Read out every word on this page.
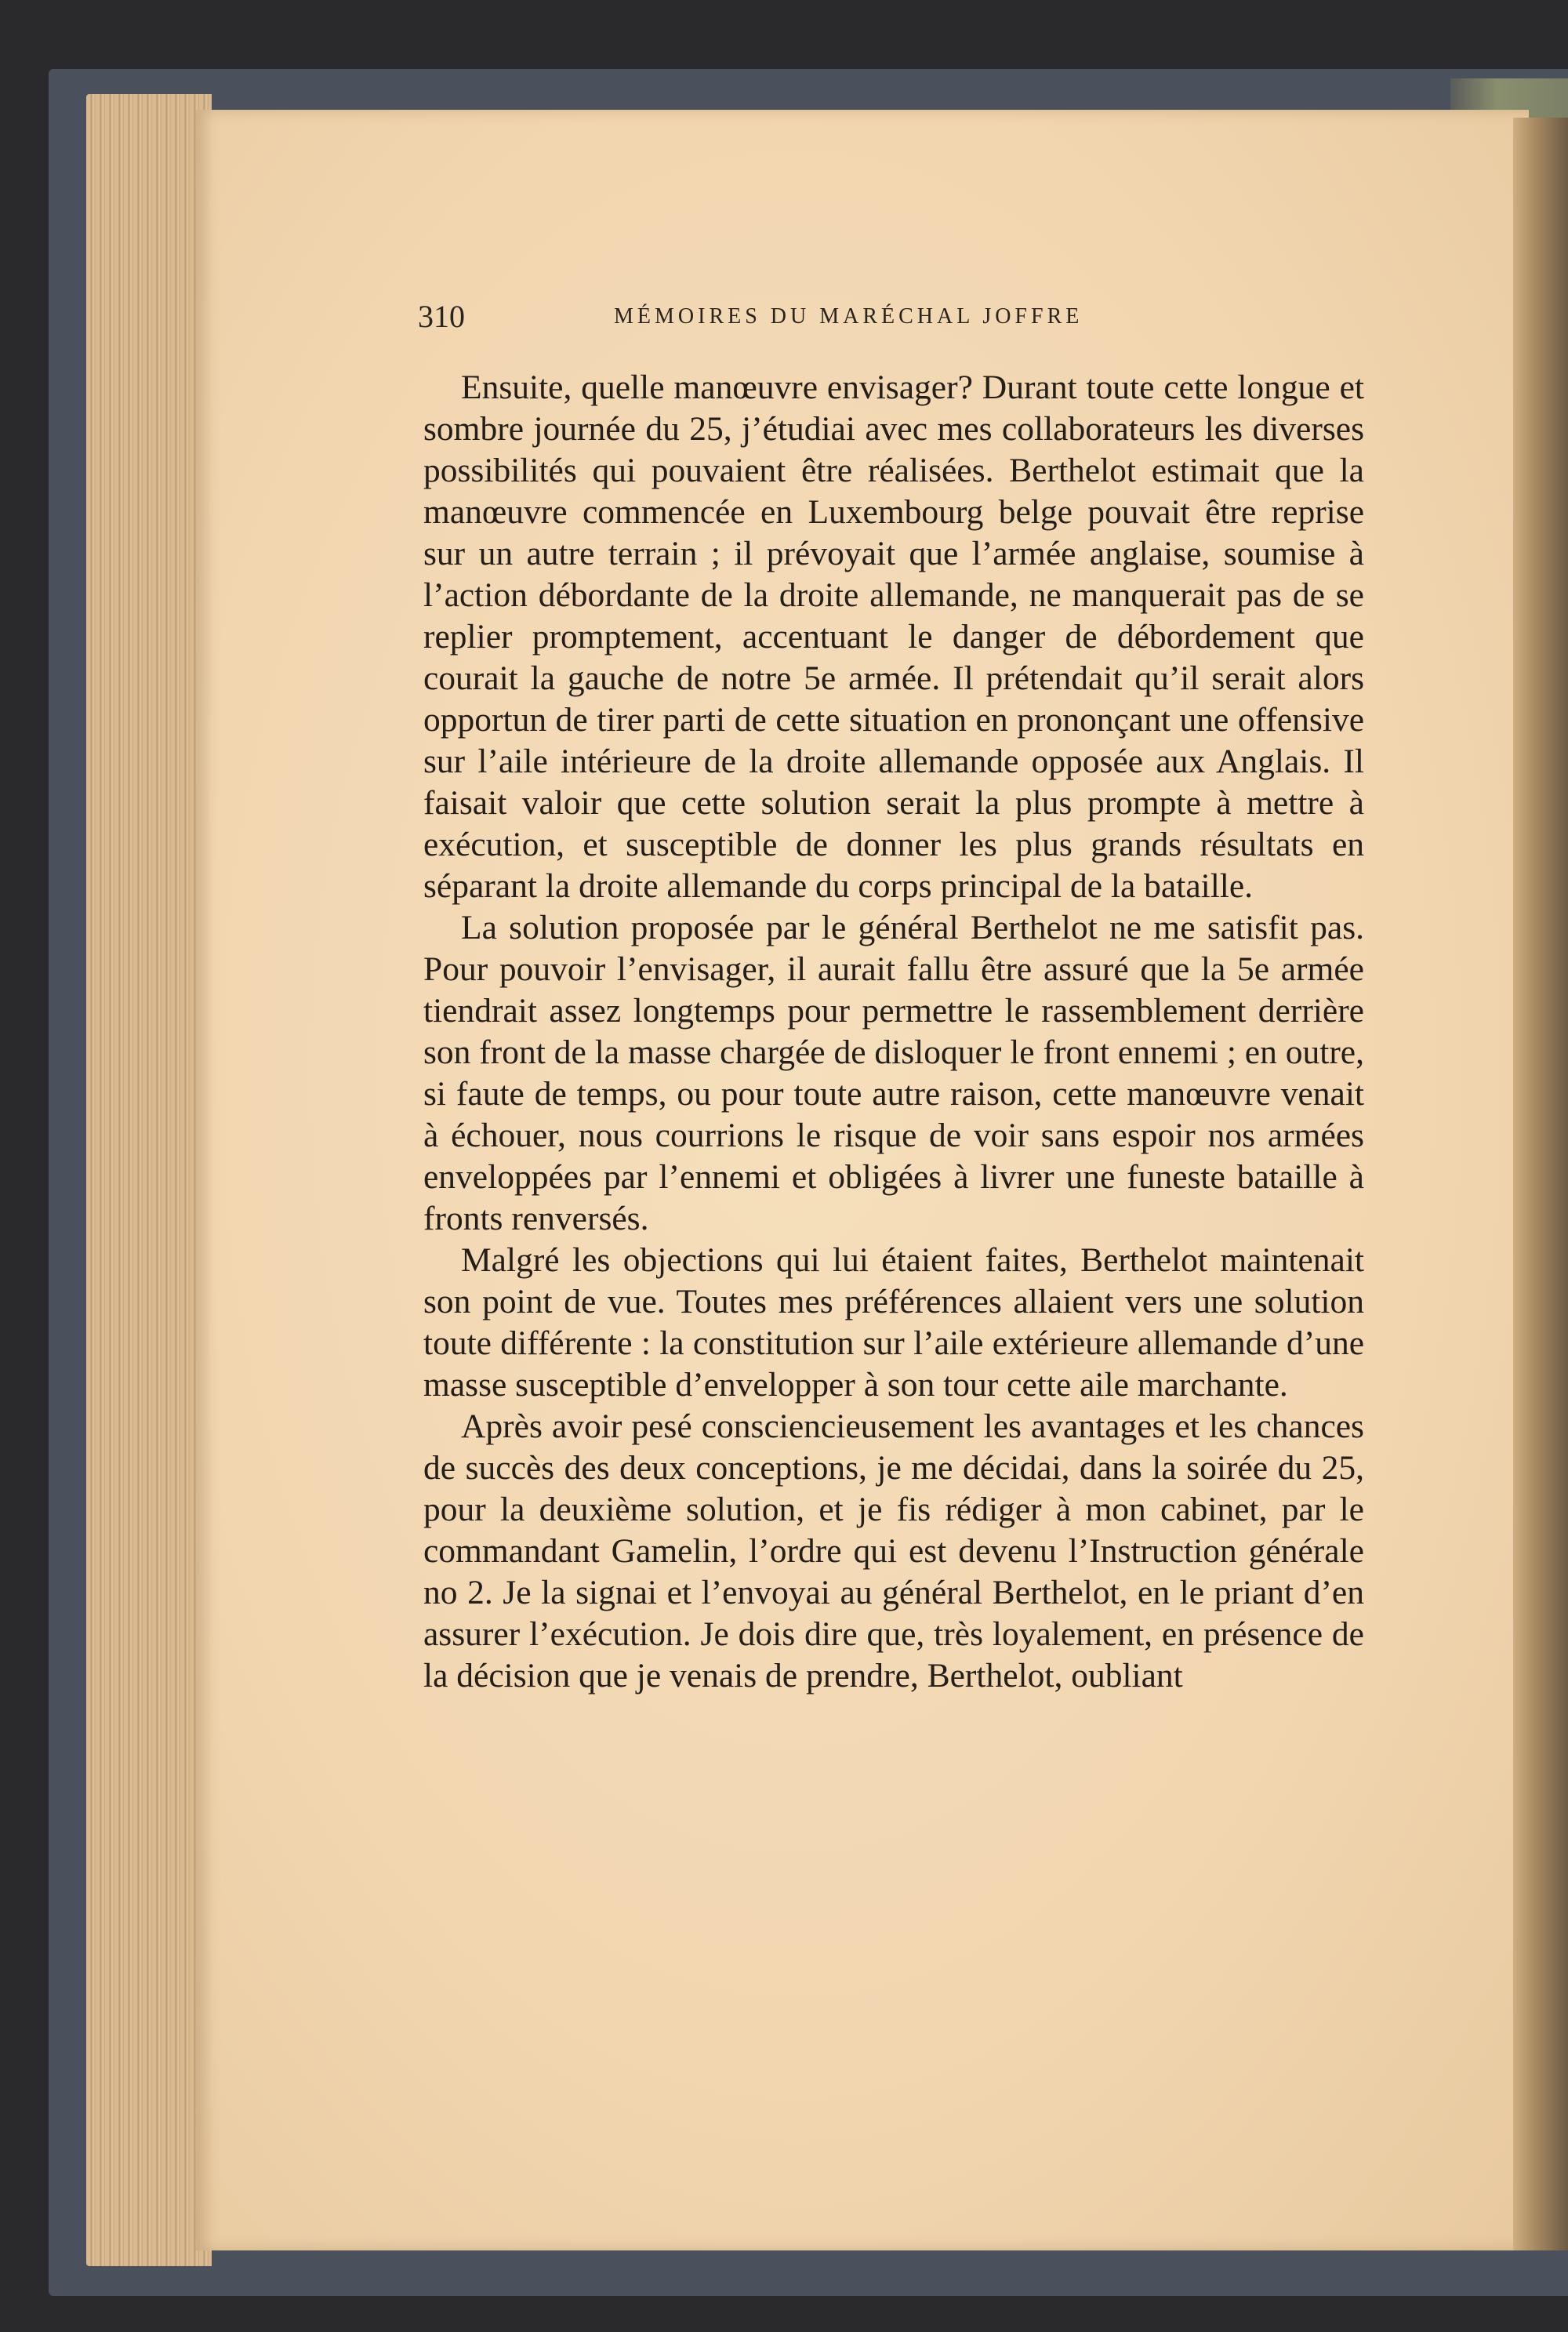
310	MÉMOIRES DU MARÉCHAL JOFFRE

Ensuite, quelle manœuvre envisager? Durant toute cette longue et sombre journée du 25, j’étudiai avec mes collaborateurs les diverses possibilités qui pouvaient être réalisées. Berthelot estimait que la manœuvre commencée en Luxembourg belge pouvait être reprise sur un autre terrain ; il prévoyait que l’armée anglaise, soumise à l’action débordante de la droite allemande, ne manquerait pas de se replier promptement, accentuant le danger de débordement que courait la gauche de notre 5e armée. Il prétendait qu’il serait alors opportun de tirer parti de cette situation en prononçant une offensive sur l’aile intérieure de la droite allemande opposée aux Anglais. Il faisait valoir que cette solution serait la plus prompte à mettre à exécution, et susceptible de donner les plus grands résultats en séparant la droite allemande du corps principal de la bataille.

La solution proposée par le général Berthelot ne me satisfit pas. Pour pouvoir l’envisager, il aurait fallu être assuré que la 5e armée tiendrait assez longtemps pour permettre le rassemblement derrière son front de la masse chargée de disloquer le front ennemi ; en outre, si faute de temps, ou pour toute autre raison, cette manœuvre venait à échouer, nous courrions le risque de voir sans espoir nos armées enveloppées par l’ennemi et obligées à livrer une funeste bataille à fronts renversés.

Malgré les objections qui lui étaient faites, Berthelot maintenait son point de vue. Toutes mes préférences allaient vers une solution toute différente : la constitution sur l’aile extérieure allemande d’une masse susceptible d’envelopper à son tour cette aile marchante.

Après avoir pesé consciencieusement les avantages et les chances de succès des deux conceptions, je me décidai, dans la soirée du 25, pour la deuxième solution, et je fis rédiger à mon cabinet, par le commandant Gamelin, l’ordre qui est devenu l’Instruction générale no 2. Je la signai et l’envoyai au général Berthelot, en le priant d’en assurer l’exécution. Je dois dire que, très loyalement, en présence de la décision que je venais de prendre, Berthelot, oubliant
